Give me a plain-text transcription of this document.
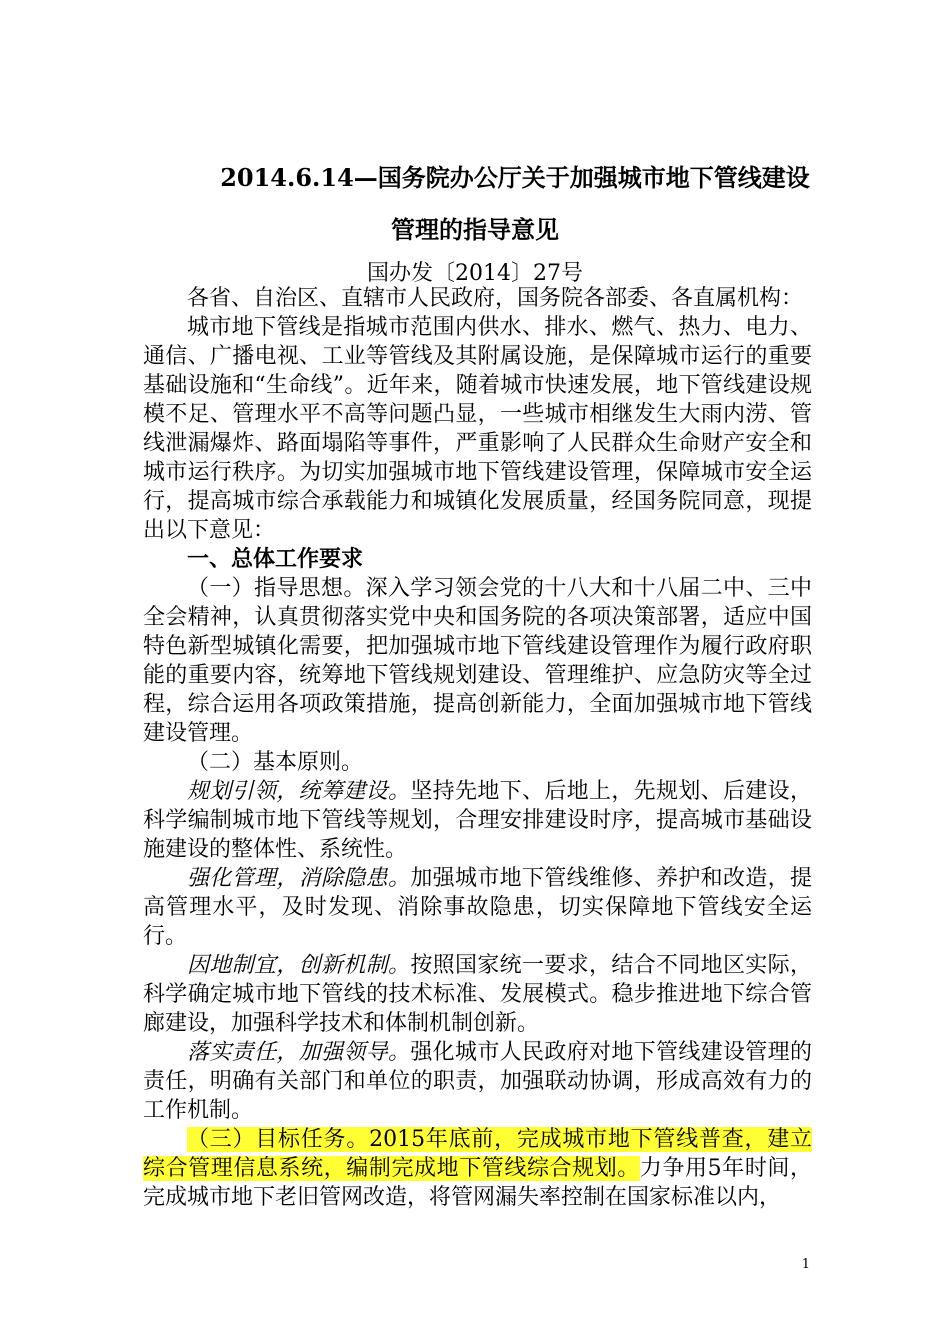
2014.6.14—国务院办公厅关于加强城市地下管线建设

管理的指导意见

国办发〔2014〕27号

各省、自治区、直辖市人民政府，国务院各部委、各直属机构：

城市地下管线是指城市范围内供水、排水、燃气、热力、电力、通信、广播电视、工业等管线及其附属设施，是保障城市运行的重要基础设施和“生命线”。近年来，随着城市快速发展，地下管线建设规模不足、管理水平不高等问题凸显，一些城市相继发生大雨内涝、管线泄漏爆炸、路面塌陷等事件，严重影响了人民群众生命财产安全和城市运行秩序。为切实加强城市地下管线建设管理，保障城市安全运行，提高城市综合承载能力和城镇化发展质量，经国务院同意，现提出以下意见：

一、总体工作要求

（一）指导思想。深入学习领会党的十八大和十八届二中、三中全会精神，认真贯彻落实党中央和国务院的各项决策部署，适应中国特色新型城镇化需要，把加强城市地下管线建设管理作为履行政府职能的重要内容，统筹地下管线规划建设、管理维护、应急防灾等全过程，综合运用各项政策措施，提高创新能力，全面加强城市地下管线建设管理。

（二）基本原则。

规划引领，统筹建设。坚持先地下、后地上，先规划、后建设，科学编制城市地下管线等规划，合理安排建设时序，提高城市基础设施建设的整体性、系统性。

强化管理，消除隐患。加强城市地下管线维修、养护和改造，提高管理水平，及时发现、消除事故隐患，切实保障地下管线安全运行。

因地制宜，创新机制。按照国家统一要求，结合不同地区实际，科学确定城市地下管线的技术标准、发展模式。稳步推进地下综合管廊建设，加强科学技术和体制机制创新。

落实责任，加强领导。强化城市人民政府对地下管线建设管理的责任，明确有关部门和单位的职责，加强联动协调，形成高效有力的工作机制。

（三）目标任务。2015年底前，完成城市地下管线普查，建立综合管理信息系统，编制完成地下管线综合规划。力争用5年时间，完成城市地下老旧管网改造，将管网漏失率控制在国家标准以内，

1
